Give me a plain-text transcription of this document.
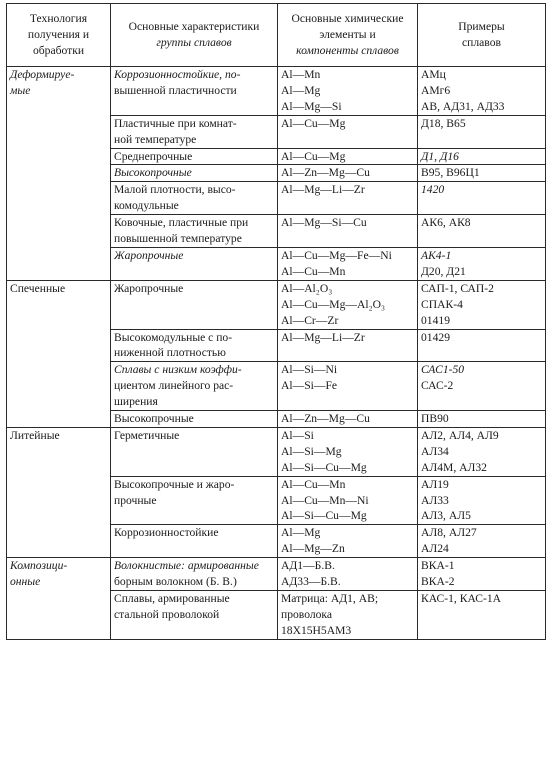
Технология
получения и
обработки	Основные характеристики
группы сплавов	Основные химические
элементы и
компоненты сплавов	Примеры
сплавов

Деформируе-
мые	Коррозионностойкие, по-
вышенной пластичности	Al—Mn
Al—Mg
Al—Mg—Si	АМц
АМг6
АВ, АД31, АД33

	Пластичные при комнат-
ной температуре	Al—Cu—Mg	Д18, В65

	Среднепрочные	Al—Cu—Mg	Д1, Д16

	Высокопрочные	Al—Zn—Mg—Cu	В95, В96Ц1

	Малой плотности, высо-
комодульные	Al—Mg—Li—Zr	1420

	Ковочные, пластичные при
повышенной температуре	Al—Mg—Si—Cu	АК6, АК8

	Жаропрочные	Al—Cu—Mg—Fe—Ni
Al—Cu—Mn	АК4-1
Д20, Д21

Спеченные	Жаропрочные	Al—Al₂O₃
Al—Cu—Mg—Al₂O₃
Al—Cr—Zr	САП-1, САП-2
СПАК-4
01419

	Высокомодульные с по-
ниженной плотностью	Al—Mg—Li—Zr	01429

	Сплавы с низким коэффи-
циентом линейного рас-
ширения	Al—Si—Ni
Al—Si—Fe	САС1-50
САС-2

	Высокопрочные	Al—Zn—Mg—Cu	ПВ90

Литейные	Герметичные	Al—Si
Al—Si—Mg
Al—Si—Cu—Mg	АЛ2, АЛ4, АЛ9
АЛ34
АЛ4М, АЛ32

	Высокопрочные и жаро-
прочные	Al—Cu—Mn
Al—Cu—Mn—Ni
Al—Si—Cu—Mg	АЛ19
АЛ33
АЛ3, АЛ5

	Коррозионностойкие	Al—Mg
Al—Mg—Zn	АЛ8, АЛ27
АЛ24

Композици-
онные	Волокнистые: армированные
борным волокном (Б. В.)	АД1—Б.В.
АД33—Б.В.	ВКА-1
ВКА-2

	Сплавы, армированные
стальной проволокой	Матрица: АД1, АВ;
проволока
18Х15Н5АМ3	КАС-1, КАС-1А
